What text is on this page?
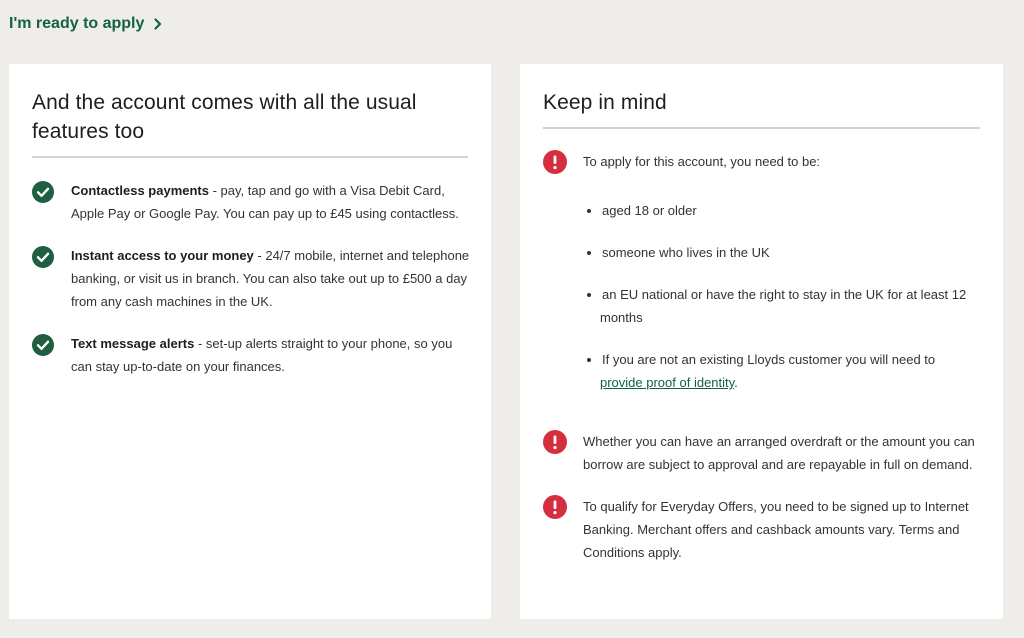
I'm ready to apply
And the account comes with all the usual features too
Contactless payments - pay, tap and go with a Visa Debit Card, Apple Pay or Google Pay. You can pay up to £45 using contactless.
Instant access to your money - 24/7 mobile, internet and telephone banking, or visit us in branch. You can also take out up to £500 a day from any cash machines in the UK.
Text message alerts - set-up alerts straight to your phone, so you can stay up-to-date on your finances.
Keep in mind
To apply for this account, you need to be:
aged 18 or older
someone who lives in the UK
an EU national or have the right to stay in the UK for at least 12 months
If you are not an existing Lloyds customer you will need to provide proof of identity.
Whether you can have an arranged overdraft or the amount you can borrow are subject to approval and are repayable in full on demand.
To qualify for Everyday Offers, you need to be signed up to Internet Banking. Merchant offers and cashback amounts vary. Terms and Conditions apply.
